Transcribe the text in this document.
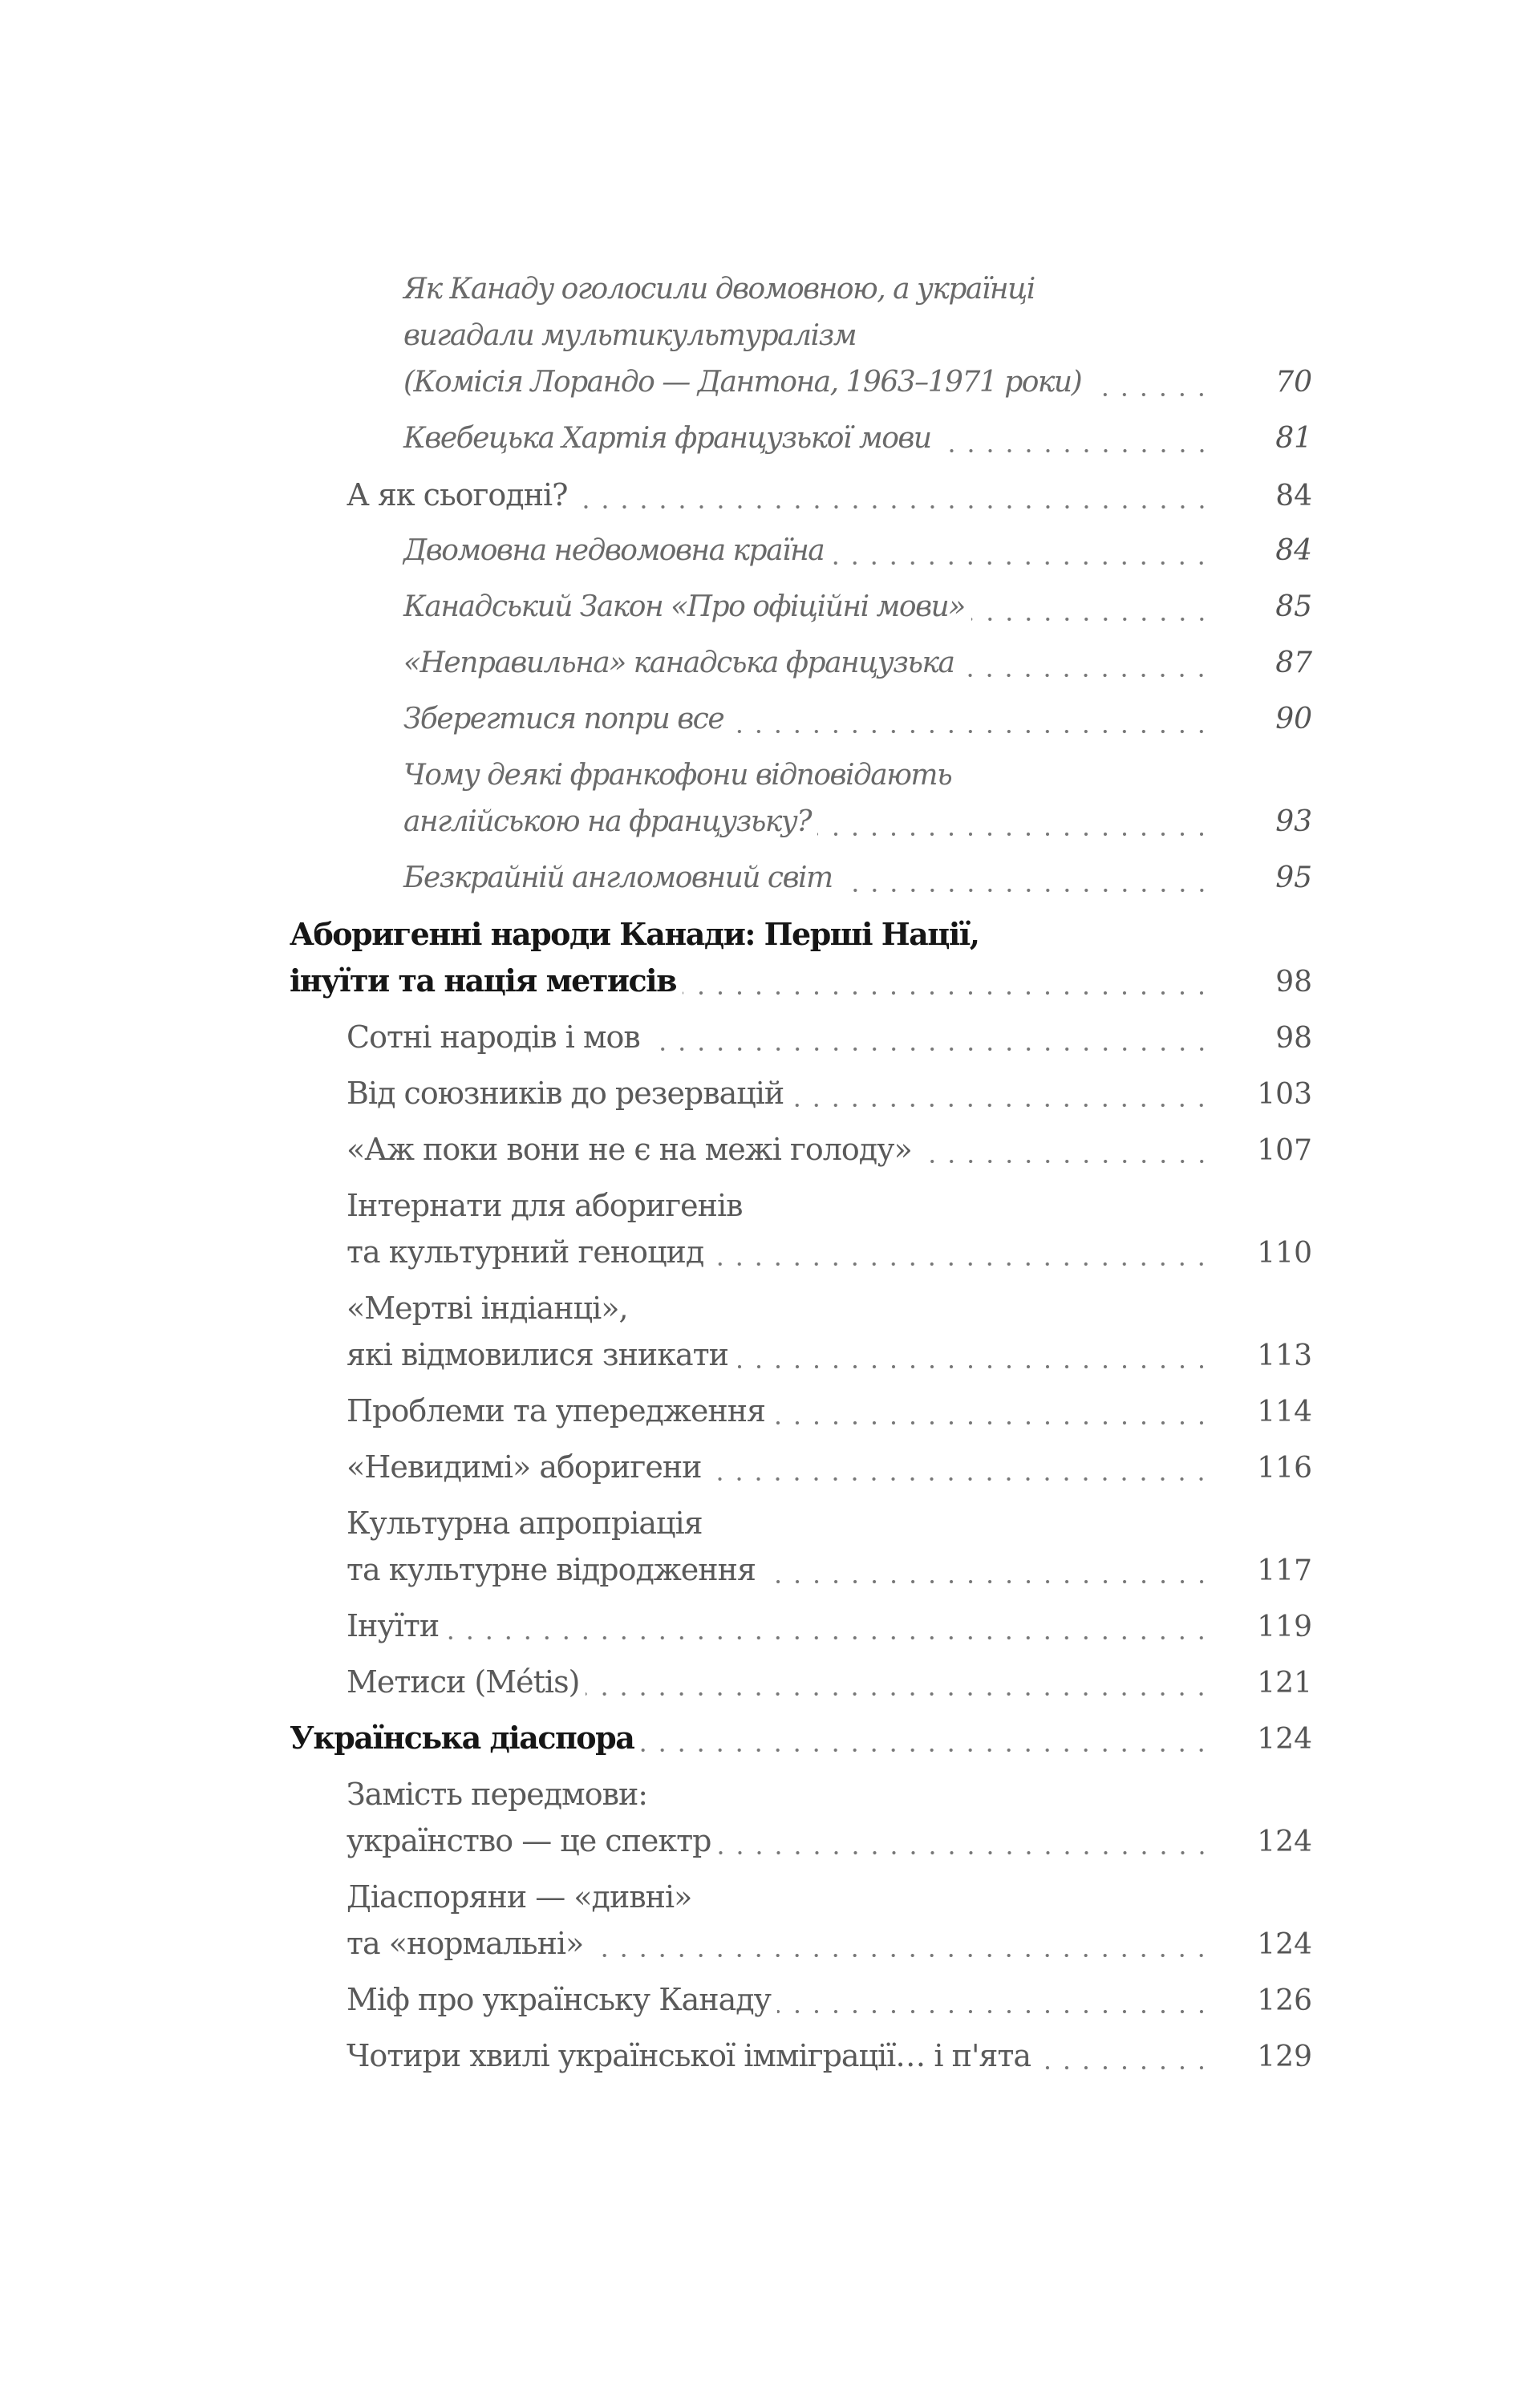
Як Канаду оголосили двомовною, а українці
вигадали мультикультуралізм
(Комісія Лорандо — Дантона, 1963–1971 роки)	70
Квебецька Хартія французької мови	81
А як сьогодні?	84
Двомовна недвомовна країна	84
Канадський Закон «Про офіційні мови»	85
«Неправильна» канадська французька	87
Зберегтися попри все	90
Чому деякі франкофони відповідають
англійською на французьку?	93
Безкрайній англомовний світ	95
Аборигенні народи Канади: Перші Нації,
інуїти та нація метисів	98
Сотні народів і мов	98
Від союзників до резервацій	103
«Аж поки вони не є на межі голоду»	107
Інтернати для аборигенів
та культурний геноцид	110
«Мертві індіанці»,
які відмовилися зникати	113
Проблеми та упередження	114
«Невидимі» аборигени	116
Культурна апропріація
та культурне відродження	117
Інуїти	119
Метиси (Métis)	121
Українська діаспора	124
Замість передмови:
українство — це спектр	124
Діаспоряни — «дивні»
та «нормальні»	124
Міф про українську Канаду	126
Чотири хвилі української імміграції… і п'ята	129
